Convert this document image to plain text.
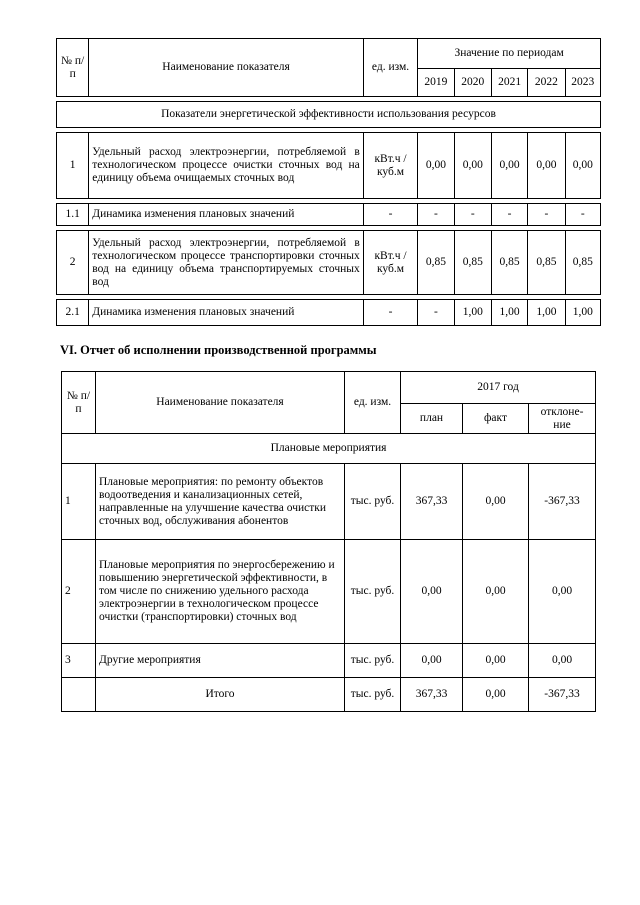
№ п/п	Наименование показателя	ед. изм.	Значение по периодам				
			2019	2020	2021	2022	2023

Показатели энергетической эффективности использования ресурсов							

1	Удельный расход электроэнергии, потребляемой в технологическом процессе очистки сточных вод на единицу объема очищаемых сточных вод	кВт.ч / куб.м	0,00	0,00	0,00	0,00	0,00

1.1	Динамика изменения плановых значений	-	-	-	-	-	-

2	Удельный расход электроэнергии, потребляемой в технологическом процессе транспортировки сточных вод на единицу объема транспортируемых сточных вод	кВт.ч / куб.м	0,85	0,85	0,85	0,85	0,85

2.1	Динамика изменения плановых значений	-	-	1,00	1,00	1,00	1,00
VI. Отчет об исполнении производственной программы
№ п/п	Наименование показателя	ед. изм.	2017 год		
			план	факт	отклоне-ние
Плановые мероприятия					
1	Плановые мероприятия: по ремонту объектов водоотведения и канализационных сетей, направленные на улучшение качества очистки сточных вод, обслуживания абонентов	тыс. руб.	367,33	0,00	-367,33
2	Плановые мероприятия по энергосбережению и повышению энергетической эффективности, в том числе по снижению удельного расхода электроэнергии в технологическом процессе очистки (транспортировки) сточных вод	тыс. руб.	0,00	0,00	0,00
3	Другие мероприятия	тыс. руб.	0,00	0,00	0,00
	Итого	тыс. руб.	367,33	0,00	-367,33
